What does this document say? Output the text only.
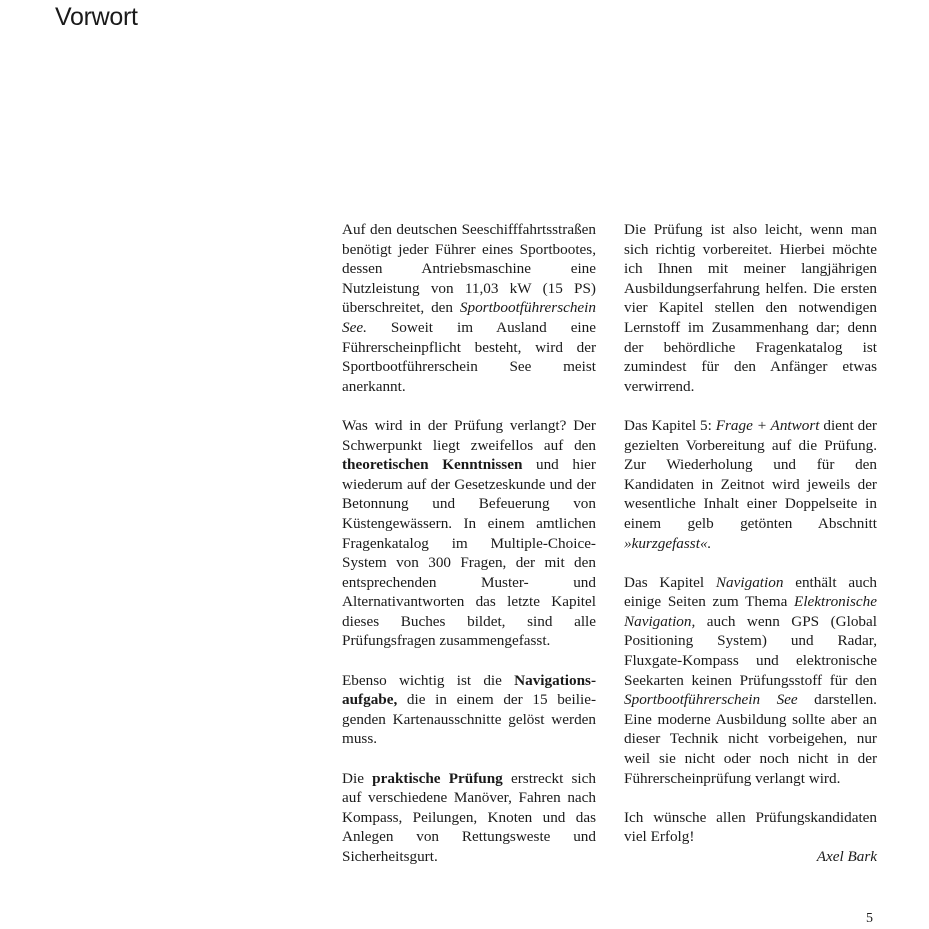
Vorwort

Auf den deutschen Seeschifffahrtsstraßen benötigt jeder Führer eines Sportbootes, dessen Antriebsmaschine eine Nutzleistung von 11,03 kW (15 PS) überschreitet, den Sportbootführerschein See. Soweit im Ausland eine Führerscheinpflicht besteht, wird der Sportbootführerschein See meist anerkannt.

Was wird in der Prüfung verlangt? Der Schwerpunkt liegt zweifellos auf den theoretischen Kenntnissen und hier wiederum auf der Gesetzeskunde und der Betonnung und Befeuerung von Küstengewässern. In einem amtlichen Fragenkatalog im Multiple-Choice-System von 300 Fragen, der mit den entsprechenden Muster- und Alternativantworten das letzte Kapitel dieses Buches bildet, sind alle Prüfungsfragen zusammengefasst.

Ebenso wichtig ist die Navigationsaufgabe, die in einem der 15 beiliegenden Kartenausschnitte gelöst werden muss.

Die praktische Prüfung erstreckt sich auf verschiedene Manöver, Fahren nach Kompass, Peilungen, Knoten und das Anlegen von Rettungsweste und Sicherheitsgurt.

Die Prüfung ist also leicht, wenn man sich richtig vorbereitet. Hierbei möchte ich Ihnen mit meiner langjährigen Ausbildungserfahrung helfen. Die ersten vier Kapitel stellen den notwendigen Lernstoff im Zusammenhang dar; denn der behördliche Fragenkatalog ist zumindest für den Anfänger etwas verwirrend.

Das Kapitel 5: Frage + Antwort dient der gezielten Vorbereitung auf die Prüfung. Zur Wiederholung und für den Kandidaten in Zeitnot wird jeweils der wesentliche Inhalt einer Doppelseite in einem gelb getönten Abschnitt »kurzgefasst«.

Das Kapitel Navigation enthält auch einige Seiten zum Thema Elektronische Navigation, auch wenn GPS (Global Positioning System) und Radar, Fluxgate-Kompass und elektronische Seekarten keinen Prüfungsstoff für den Sportbootführerschein See darstellen. Eine moderne Ausbildung sollte aber an dieser Technik nicht vorbeigehen, nur weil sie nicht oder noch nicht in der Führerscheinprüfung verlangt wird.

Ich wünsche allen Prüfungskandidaten viel Erfolg!

Axel Bark

5
